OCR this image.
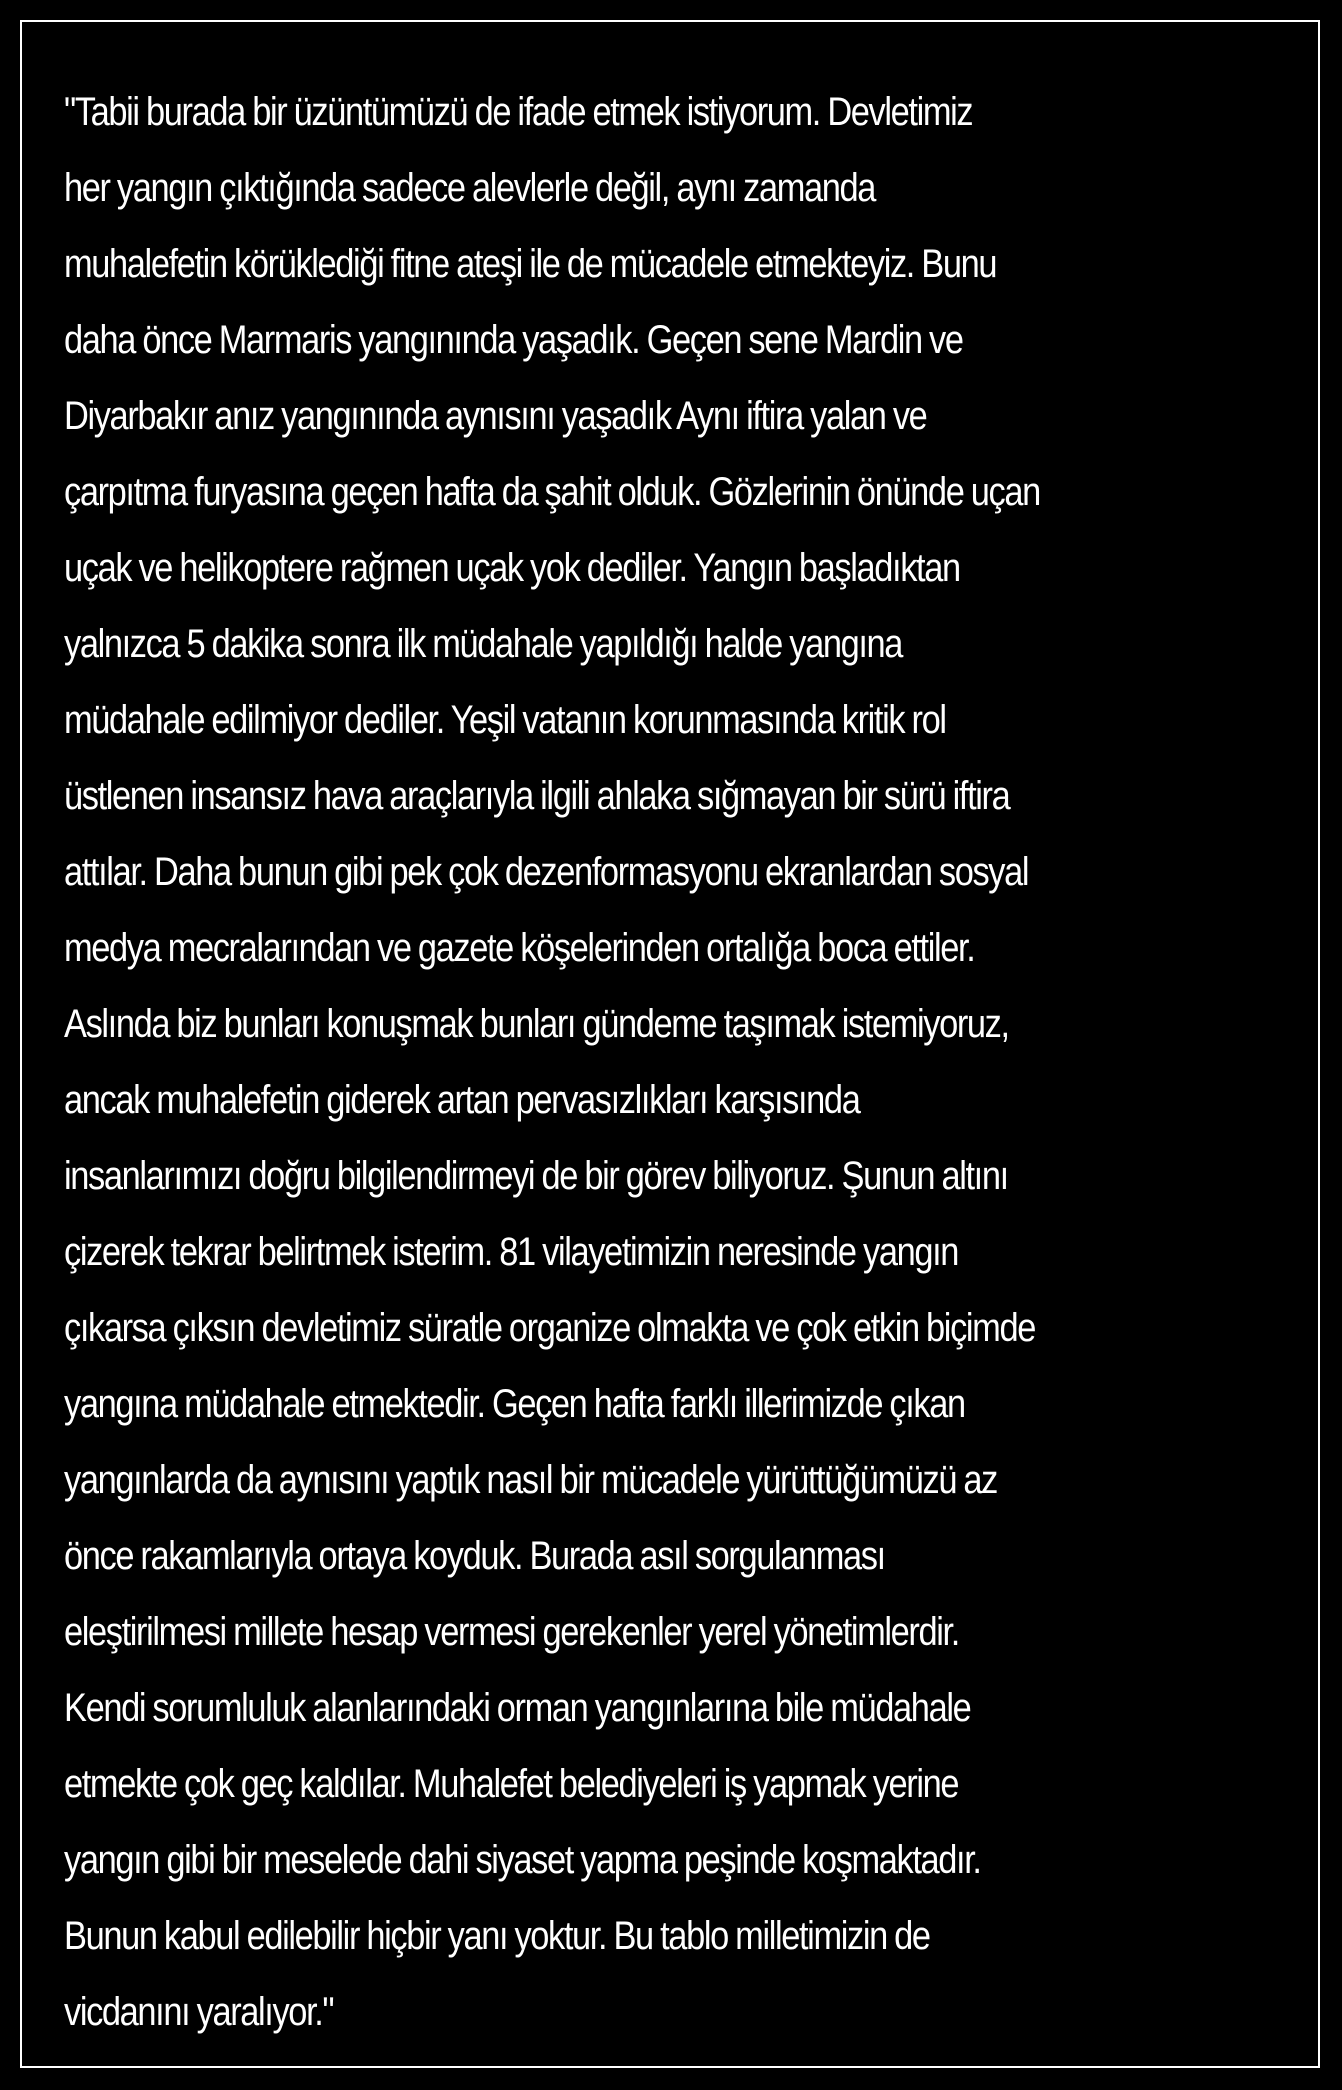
"Tabii burada bir üzüntümüzü de ifade etmek istiyorum. Devletimiz
her yangın çıktığında sadece alevlerle değil, aynı zamanda
muhalefetin körüklediği fitne ateşi ile de mücadele etmekteyiz. Bunu
daha önce Marmaris yangınında yaşadık. Geçen sene Mardin ve
Diyarbakır anız yangınında aynısını yaşadık Aynı iftira yalan ve
çarpıtma furyasına geçen hafta da şahit olduk. Gözlerinin önünde uçan
uçak ve helikoptere rağmen uçak yok dediler. Yangın başladıktan
yalnızca 5 dakika sonra ilk müdahale yapıldığı halde yangına
müdahale edilmiyor dediler. Yeşil vatanın korunmasında kritik rol
üstlenen insansız hava araçlarıyla ilgili ahlaka sığmayan bir sürü iftira
attılar. Daha bunun gibi pek çok dezenformasyonu ekranlardan sosyal
medya mecralarından ve gazete köşelerinden ortalığa boca ettiler.
Aslında biz bunları konuşmak bunları gündeme taşımak istemiyoruz,
ancak muhalefetin giderek artan pervasızlıkları karşısında
insanlarımızı doğru bilgilendirmeyi de bir görev biliyoruz. Şunun altını
çizerek tekrar belirtmek isterim. 81 vilayetimizin neresinde yangın
çıkarsa çıksın devletimiz süratle organize olmakta ve çok etkin biçimde
yangına müdahale etmektedir. Geçen hafta farklı illerimizde çıkan
yangınlarda da aynısını yaptık nasıl bir mücadele yürüttüğümüzü az
önce rakamlarıyla ortaya koyduk. Burada asıl sorgulanması
eleştirilmesi millete hesap vermesi gerekenler yerel yönetimlerdir.
Kendi sorumluluk alanlarındaki orman yangınlarına bile müdahale
etmekte çok geç kaldılar. Muhalefet belediyeleri iş yapmak yerine
yangın gibi bir meselede dahi siyaset yapma peşinde koşmaktadır.
Bunun kabul edilebilir hiçbir yanı yoktur. Bu tablo milletimizin de
vicdanını yaralıyor."
